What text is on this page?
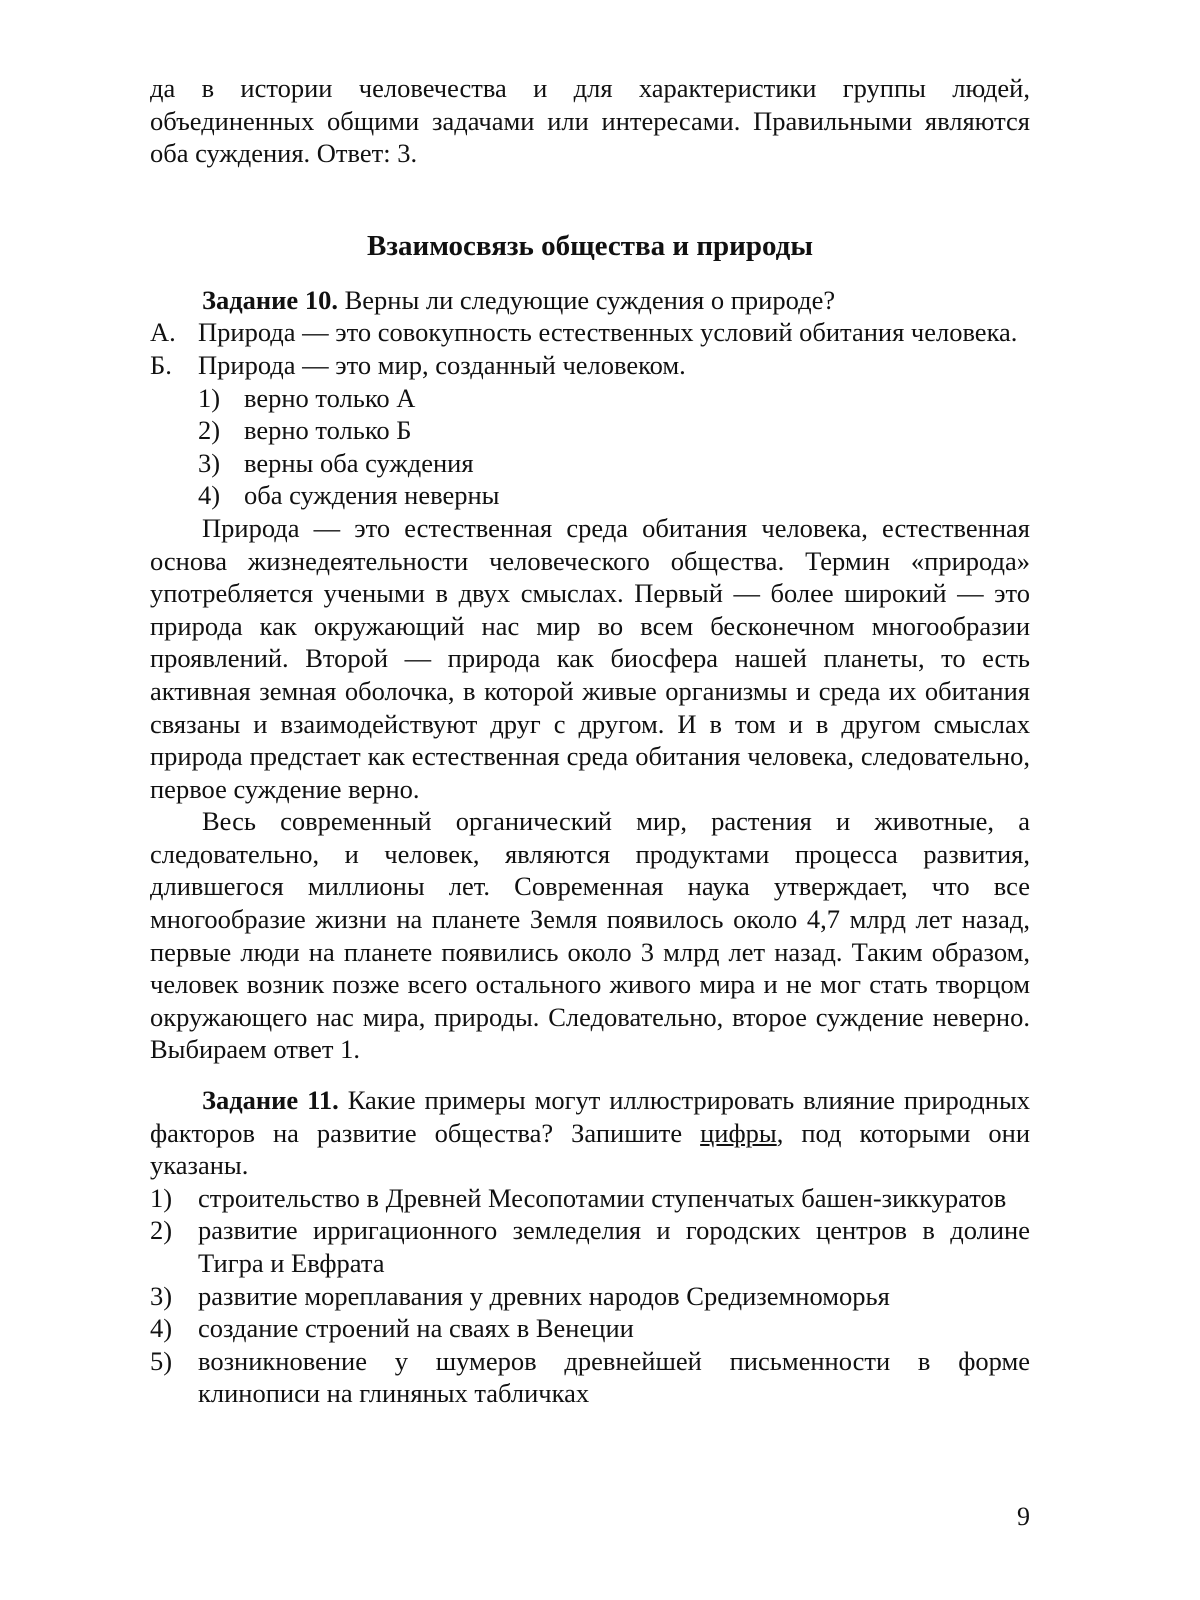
да в истории человечества и для характеристики группы людей, объединенных общими задачами или интересами. Правильными являются оба суждения. Ответ: 3.

Взаимосвязь общества и природы

Задание 10. Верны ли следующие суждения о природе?

А. Природа — это совокупность естественных условий обитания человека.
Б. Природа — это мир, созданный человеком.
1) верно только А
2) верно только Б
3) верны оба суждения
4) оба суждения неверны

Природа — это естественная среда обитания человека, естественная основа жизнедеятельности человеческого общества. Термин «природа» употребляется учеными в двух смыслах. Первый — более широкий — это природа как окружающий нас мир во всем бесконечном многообразии проявлений. Второй — природа как биосфера нашей планеты, то есть активная земная оболочка, в которой живые организмы и среда их обитания связаны и взаимодействуют друг с другом. И в том и в другом смыслах природа предстает как естественная среда обитания человека, следовательно, первое суждение верно.

Весь современный органический мир, растения и животные, а следовательно, и человек, являются продуктами процесса развития, длившегося миллионы лет. Современная наука утверждает, что все многообразие жизни на планете Земля появилось около 4,7 млрд лет назад, первые люди на планете появились около 3 млрд лет назад. Таким образом, человек возник позже всего остального живого мира и не мог стать творцом окружающего нас мира, природы. Следовательно, второе суждение неверно. Выбираем ответ 1.

Задание 11. Какие примеры могут иллюстрировать влияние природных факторов на развитие общества? Запишите цифры, под которыми они указаны.

1) строительство в Древней Месопотамии ступенчатых башен-зиккуратов
2) развитие ирригационного земледелия и городских центров в долине Тигра и Евфрата
3) развитие мореплавания у древних народов Средиземноморья
4) создание строений на сваях в Венеции
5) возникновение у шумеров древнейшей письменности в форме клинописи на глиняных табличках
9
